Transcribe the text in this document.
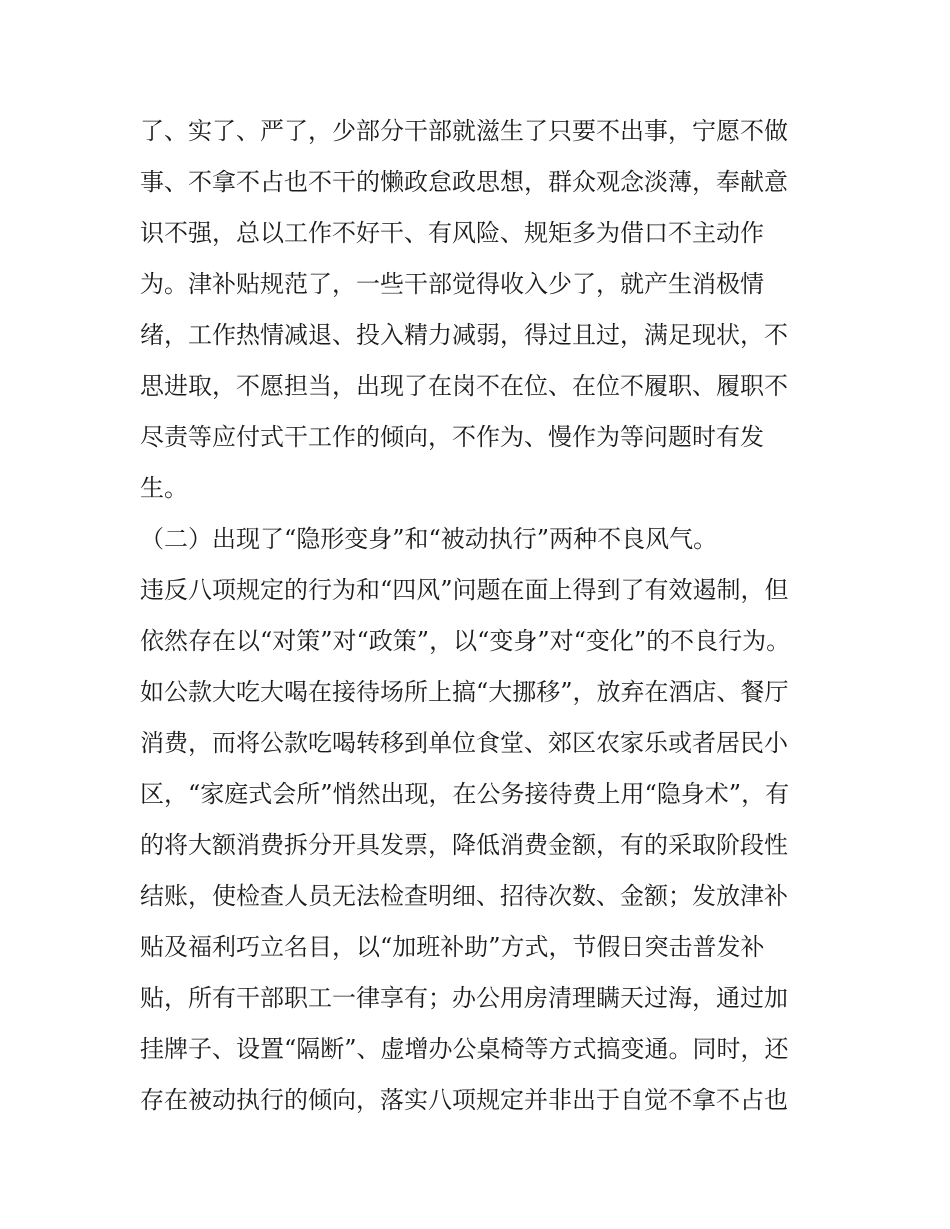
了、实了、严了，少部分干部就滋生了只要不出事，宁愿不做
事、不拿不占也不干的懒政怠政思想，群众观念淡薄，奉献意
识不强，总以工作不好干、有风险、规矩多为借口不主动作
为。津补贴规范了，一些干部觉得收入少了，就产生消极情
绪，工作热情减退、投入精力减弱，得过且过，满足现状，不
思进取，不愿担当，出现了在岗不在位、在位不履职、履职不
尽责等应付式干工作的倾向，不作为、慢作为等问题时有发
生。
（二）出现了“隐形变身”和“被动执行”两种不良风气。
违反八项规定的行为和“四风”问题在面上得到了有效遏制，但
依然存在以“对策”对“政策”，以“变身”对“变化”的不良行为。
如公款大吃大喝在接待场所上搞“大挪移”，放弃在酒店、餐厅
消费，而将公款吃喝转移到单位食堂、郊区农家乐或者居民小
区，“家庭式会所”悄然出现，在公务接待费上用“隐身术”，有
的将大额消费拆分开具发票，降低消费金额，有的采取阶段性
结账，使检查人员无法检查明细、招待次数、金额；发放津补
贴及福利巧立名目，以“加班补助”方式，节假日突击普发补
贴，所有干部职工一律享有；办公用房清理瞒天过海，通过加
挂牌子、设置“隔断”、虚增办公桌椅等方式搞变通。同时，还
存在被动执行的倾向，落实八项规定并非出于自觉不拿不占也
